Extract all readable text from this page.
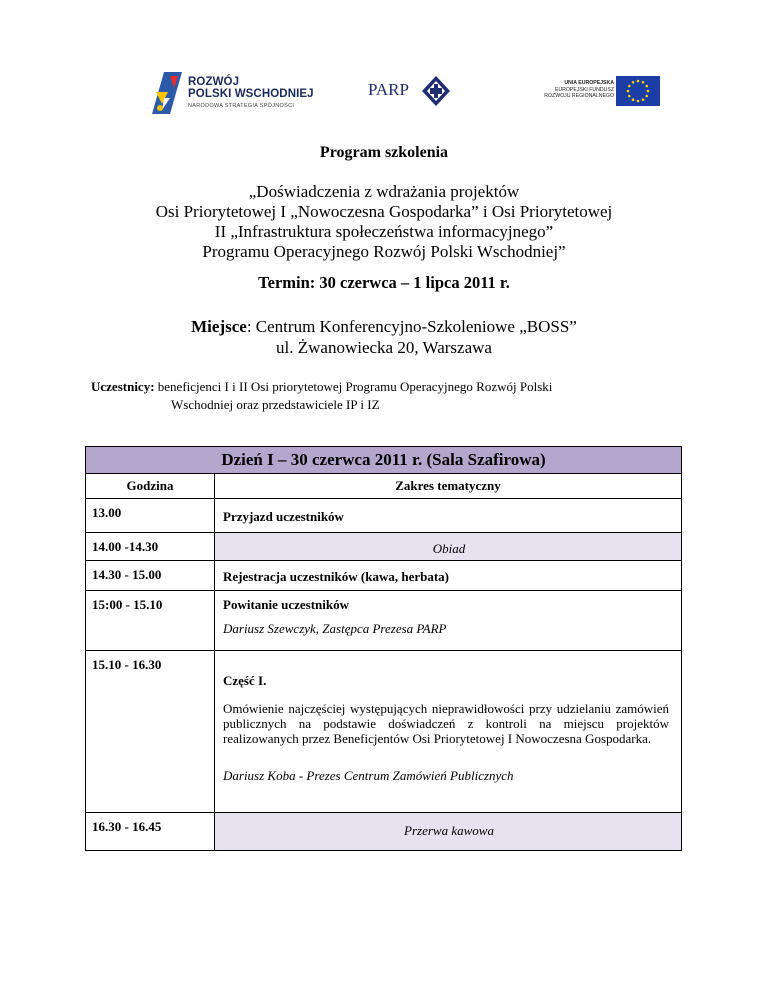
ROZWÓJ
POLSKI WSCHODNIEJ
NARODOWA STRATEGIA SPÓJNOŚCI
PARP	UNIA EUROPEJSKA
EUROPEJSKI FUNDUSZ
ROZWOJU REGIONALNEGO
Program szkolenia
„Doświadczenia z wdrażania projektów
Osi Priorytetowej I „Nowoczesna Gospodarka” i Osi Priorytetowej
II „Infrastruktura społeczeństwa informacyjnego”
Programu Operacyjnego Rozwój Polski Wschodniej”
Termin: 30 czerwca – 1 lipca 2011 r.
Miejsce: Centrum Konferencyjno-Szkoleniowe „BOSS”
ul. Żwanowiecka 20, Warszawa
Uczestnicy: beneficjenci I i II Osi priorytetowej Programu Operacyjnego Rozwój Polski
Wschodniej oraz przedstawiciele IP i IZ
Dzień I – 30 czerwca 2011 r. (Sala Szafirowa)	
Godzina	Zakres tematyczny
13.00	Przyjazd uczestników
14.00 -14.30	Obiad
14.30 - 15.00	Rejestracja uczestników (kawa, herbata)
15:00 - 15.10	Powitanie uczestników
Dariusz Szewczyk, Zastępca Prezesa PARP

15.10 - 16.30	Część I.
Omówienie najczęściej występujących nieprawidłowości przy udzielaniu zamówień publicznych na podstawie doświadczeń z kontroli na miejscu projektów realizowanych przez Beneficjentów Osi Priorytetowej I Nowoczesna Gospodarka.
Dariusz Koba - Prezes Centrum Zamówień Publicznych

16.30 - 16.45	Przerwa kawowa
